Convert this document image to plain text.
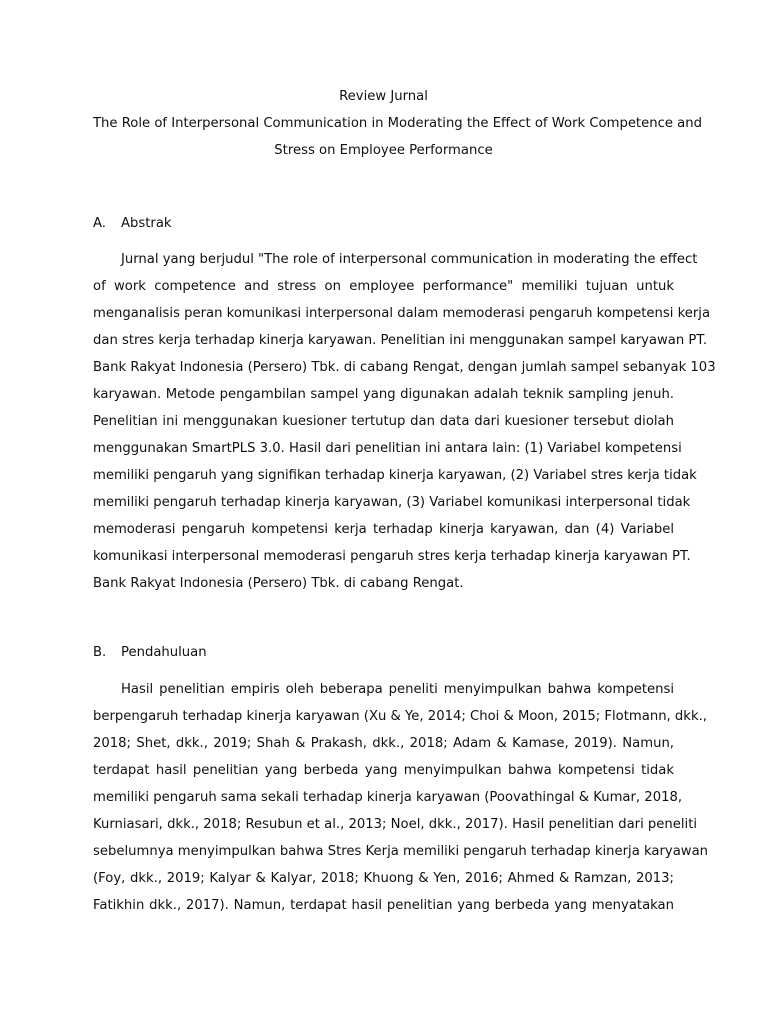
Review Jurnal
The Role of Interpersonal Communication in Moderating the Effect of Work Competence and
Stress on Employee Performance
A.	Abstrak
Jurnal yang berjudul "The role of interpersonal communication in moderating the effect
of work competence and stress on employee performance" memiliki tujuan untuk
menganalisis peran komunikasi interpersonal dalam memoderasi pengaruh kompetensi kerja
dan stres kerja terhadap kinerja karyawan. Penelitian ini menggunakan sampel karyawan PT.
Bank Rakyat Indonesia (Persero) Tbk. di cabang Rengat, dengan jumlah sampel sebanyak 103
karyawan. Metode pengambilan sampel yang digunakan adalah teknik sampling jenuh.
Penelitian ini menggunakan kuesioner tertutup dan data dari kuesioner tersebut diolah
menggunakan SmartPLS 3.0. Hasil dari penelitian ini antara lain: (1) Variabel kompetensi
memiliki pengaruh yang signifikan terhadap kinerja karyawan, (2) Variabel stres kerja tidak
memiliki pengaruh terhadap kinerja karyawan, (3) Variabel komunikasi interpersonal tidak
memoderasi pengaruh kompetensi kerja terhadap kinerja karyawan, dan (4) Variabel
komunikasi interpersonal memoderasi pengaruh stres kerja terhadap kinerja karyawan PT.
Bank Rakyat Indonesia (Persero) Tbk. di cabang Rengat.
B.	Pendahuluan
Hasil penelitian empiris oleh beberapa peneliti menyimpulkan bahwa kompetensi
berpengaruh terhadap kinerja karyawan (Xu & Ye, 2014; Choi & Moon, 2015; Flotmann, dkk.,
2018; Shet, dkk., 2019; Shah & Prakash, dkk., 2018; Adam & Kamase, 2019). Namun,
terdapat hasil penelitian yang berbeda yang menyimpulkan bahwa kompetensi tidak
memiliki pengaruh sama sekali terhadap kinerja karyawan (Poovathingal & Kumar, 2018,
Kurniasari, dkk., 2018; Resubun et al., 2013; Noel, dkk., 2017). Hasil penelitian dari peneliti
sebelumnya menyimpulkan bahwa Stres Kerja memiliki pengaruh terhadap kinerja karyawan
(Foy, dkk., 2019; Kalyar & Kalyar, 2018; Khuong & Yen, 2016; Ahmed & Ramzan, 2013;
Fatikhin dkk., 2017). Namun, terdapat hasil penelitian yang berbeda yang menyatakan
